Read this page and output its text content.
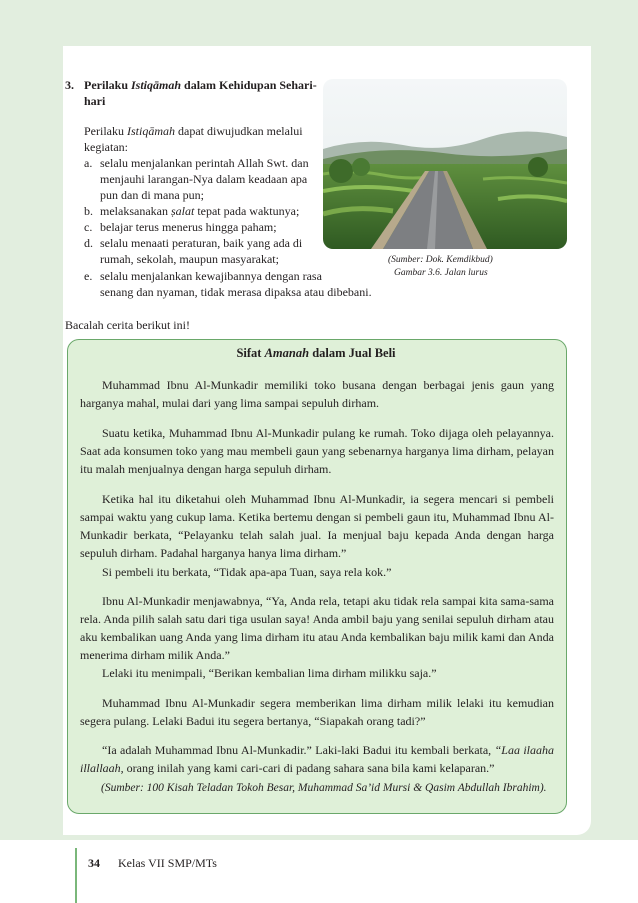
3. Perilaku Istiqāmah dalam Kehidupan Sehari-
hari
Perilaku Istiqāmah dapat diwujudkan melalui
kegiatan:
a. selalu menjalankan perintah Allah Swt. dan
menjauhi larangan-Nya dalam keadaan apa
pun dan di mana pun;
b. melaksanakan ṣalat tepat pada waktunya;
c. belajar terus menerus hingga paham;
d. selalu menaati peraturan, baik yang ada di
rumah, sekolah, maupun masyarakat;
e. selalu menjalankan kewajibannya dengan rasa
senang dan nyaman, tidak merasa dipaksa atau dibebani.
(Sumber: Dok. Kemdikbud)
Gambar 3.6. Jalan lurus
Bacalah cerita berikut ini!
Sifat Amanah dalam Jual Beli
Muhammad Ibnu Al-Munkadir memiliki toko busana dengan berbagai jenis gaun yang harganya mahal, mulai dari yang lima sampai sepuluh dirham.
Suatu ketika, Muhammad Ibnu Al-Munkadir pulang ke rumah. Toko dijaga oleh pelayannya. Saat ada konsumen toko yang mau membeli gaun yang sebenarnya harganya lima dirham, pelayan itu malah menjualnya dengan harga sepuluh dirham.
Ketika hal itu diketahui oleh Muhammad Ibnu Al-Munkadir, ia segera mencari si pembeli sampai waktu yang cukup lama. Ketika bertemu dengan si pembeli gaun itu, Muhammad Ibnu Al-Munkadir berkata, “Pelayanku telah salah jual. Ia menjual baju kepada Anda dengan harga sepuluh dirham. Padahal harganya hanya lima dirham.”
Si pembeli itu berkata, “Tidak apa-apa Tuan, saya rela kok.”
Ibnu Al-Munkadir menjawabnya, “Ya, Anda rela, tetapi aku tidak rela sampai kita sama-sama rela. Anda pilih salah satu dari tiga usulan saya! Anda ambil baju yang senilai sepuluh dirham atau aku kembalikan uang Anda yang lima dirham itu atau Anda kembalikan baju milik kami dan Anda menerima dirham milik Anda.”
Lelaki itu menimpali, “Berikan kembalian lima dirham milikku saja.”
Muhammad Ibnu Al-Munkadir segera memberikan lima dirham milik lelaki itu kemudian segera pulang. Lelaki Badui itu segera bertanya, “Siapakah orang tadi?”
“Ia adalah Muhammad Ibnu Al-Munkadir.” Laki-laki Badui itu kembali berkata, “Laa ilaaha illallaah, orang inilah yang kami cari-cari di padang sahara sana bila kami kelaparan.”
(Sumber: 100 Kisah Teladan Tokoh Besar, Muhammad Sa’id Mursi & Qasim Abdullah Ibrahim).
34 Kelas VII SMP/MTs
